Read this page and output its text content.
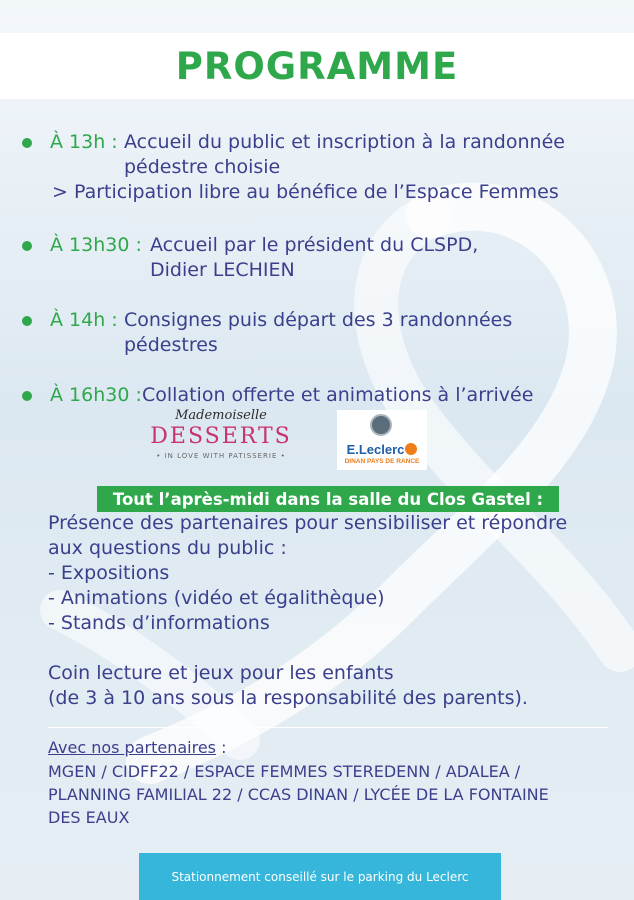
PROGRAMME
À 13h : Accueil du public et inscription à la randonnée
pédestre choisie
> Participation libre au bénéfice de l’Espace Femmes
À 13h30 : Accueil par le président du CLSPD,
Didier LECHIEN
À 14h : Consignes puis départ des 3 randonnées
pédestres
À 16h30 : Collation offerte et animations à l’arrivée
Mademoiselle
DESSERTS
• IN LOVE WITH PATISSERIE •	E.Leclerc
DINAN PAYS DE RANCE
Tout l’après-midi dans la salle du Clos Gastel :
Présence des partenaires pour sensibiliser et répondre
aux questions du public :
- Expositions
- Animations (vidéo et égalithèque)
- Stands d’informations
Coin lecture et jeux pour les enfants
(de 3 à 10 ans sous la responsabilité des parents).
Avec nos partenaires :
MGEN / CIDFF22 / ESPACE FEMMES STEREDENN / ADALEA /
PLANNING FAMILIAL 22 / CCAS DINAN / LYCÉE DE LA FONTAINE
DES EAUX
Stationnement conseillé sur le parking du Leclerc
